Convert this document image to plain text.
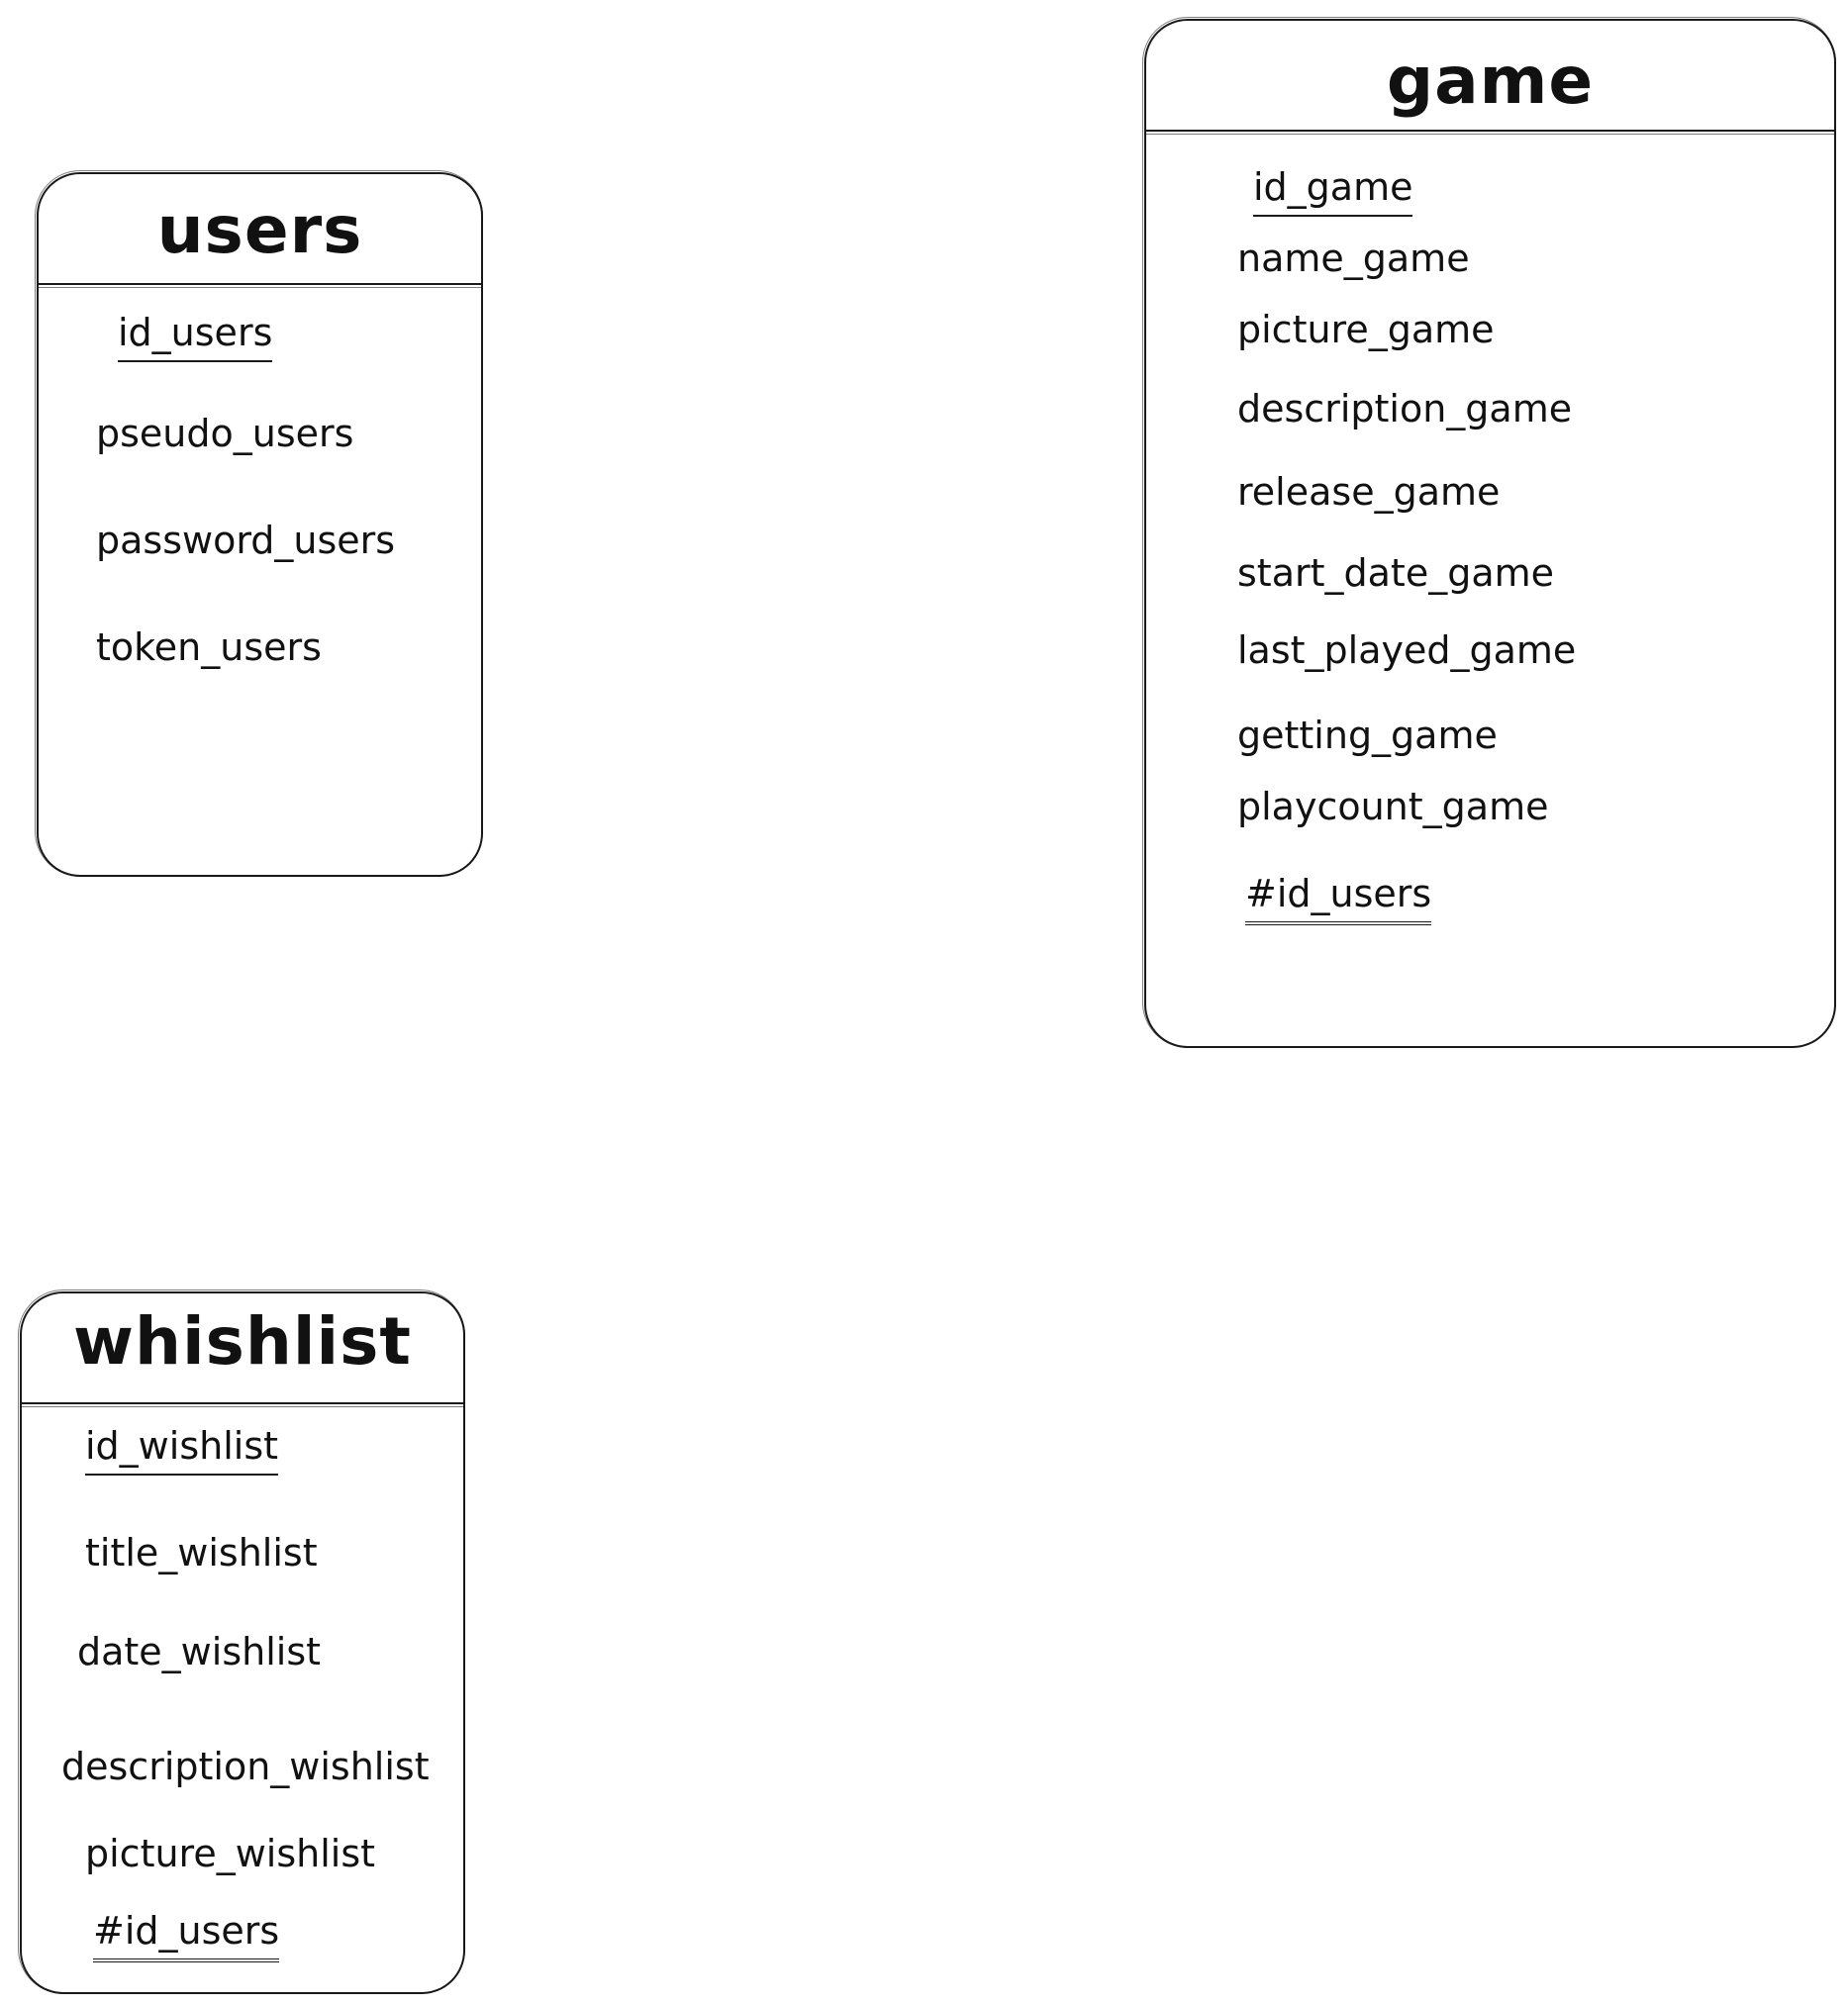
users
id_users
pseudo_users
password_users
token_users
game
id_game
name_game
picture_game
description_game
release_game
start_date_game
last_played_game
getting_game
playcount_game
#id_users
whishlist
id_wishlist
title_wishlist
date_wishlist
description_wishlist
picture_wishlist
#id_users
